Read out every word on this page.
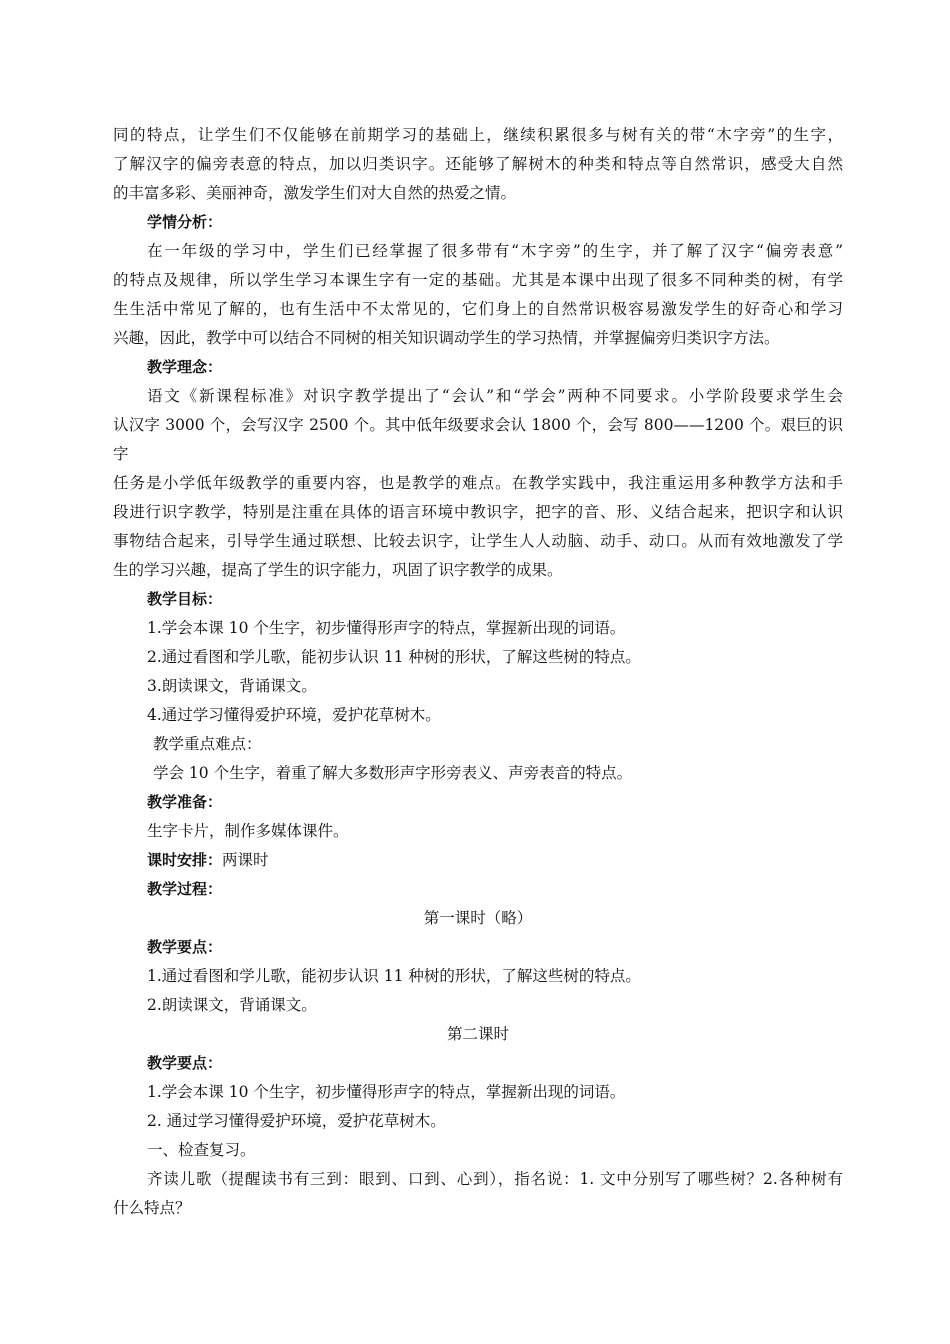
同的特点，让学生们不仅能够在前期学习的基础上，继续积累很多与树有关的带“木字旁”的生字，
了解汉字的偏旁表意的特点，加以归类识字。还能够了解树木的种类和特点等自然常识，感受大自然
的丰富多彩、美丽神奇，激发学生们对大自然的热爱之情。
学情分析：
在一年级的学习中，学生们已经掌握了很多带有“木字旁”的生字，并了解了汉字“偏旁表意”
的特点及规律，所以学生学习本课生字有一定的基础。尤其是本课中出现了很多不同种类的树，有学
生生活中常见了解的，也有生活中不太常见的，它们身上的自然常识极容易激发学生的好奇心和学习
兴趣，因此，教学中可以结合不同树的相关知识调动学生的学习热情，并掌握偏旁归类识字方法。
教学理念：
语文《新课程标准》对识字教学提出了“会认”和“学会”两种不同要求。小学阶段要求学生会
认汉字 3000 个，会写汉字 2500 个。其中低年级要求会认 1800 个，会写 800——1200 个。艰巨的识字
任务是小学低年级教学的重要内容，也是教学的难点。在教学实践中，我注重运用多种教学方法和手
段进行识字教学，特别是注重在具体的语言环境中教识字，把字的音、形、义结合起来，把识字和认识
事物结合起来，引导学生通过联想、比较去识字，让学生人人动脑、动手、动口。从而有效地激发了学
生的学习兴趣，提高了学生的识字能力，巩固了识字教学的成果。
教学目标：
1.学会本课 10 个生字，初步懂得形声字的特点，掌握新出现的词语。
2.通过看图和学儿歌，能初步认识 11 种树的形状，了解这些树的特点。
3.朗读课文，背诵课文。
4.通过学习懂得爱护环境，爱护花草树木。
教学重点难点：
学会 10 个生字，着重了解大多数形声字形旁表义、声旁表音的特点。
教学准备：
生字卡片，制作多媒体课件。
课时安排：两课时
教学过程：
第一课时（略）
教学要点：
1.通过看图和学儿歌，能初步认识 11 种树的形状，了解这些树的特点。
2.朗读课文，背诵课文。
第二课时
教学要点：
1.学会本课 10 个生字，初步懂得形声字的特点，掌握新出现的词语。
2. 通过学习懂得爱护环境，爱护花草树木。
一、检查复习。
齐读儿歌（提醒读书有三到：眼到、口到、心到），指名说：1. 文中分别写了哪些树？2.各种树有
什么特点？
